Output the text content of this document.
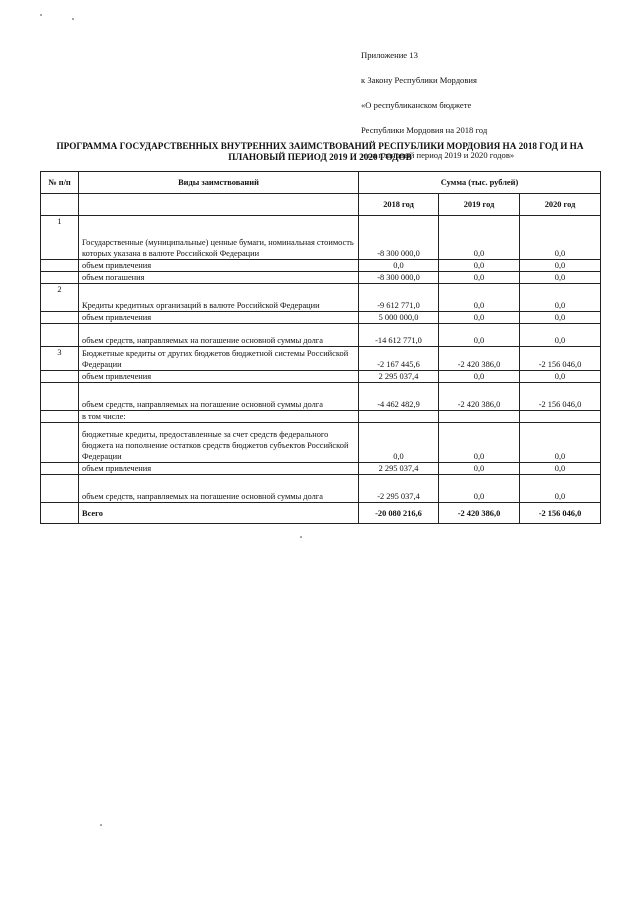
Приложение 13

к Закону Республики Мордовия

«О республиканском бюджете

Республики Мордовия на 2018 год

и на плановый период 2019 и 2020 годов»

ПРОГРАММА ГОСУДАРСТВЕННЫХ ВНУТРЕННИХ ЗАИМСТВОВАНИЙ РЕСПУБЛИКИ МОРДОВИЯ НА 2018 ГОД И НА ПЛАНОВЫЙ ПЕРИОД 2019 И 2020 ГОДОВ
№ п/п	Виды заимствований	Сумма (тыс. рублей)		
		2018 год	2019 год	2020 год
1	Государственные (муниципальные) ценные бумаги, номинальная стоимость которых указана в валюте Российской Федерации	-8 300 000,0	0,0	0,0
	объем привлечения	0,0	0,0	0,0
	объем погашения	-8 300 000,0	0,0	0,0
2	Кредиты кредитных организаций в валюте Российской Федерации	-9 612 771,0	0,0	0,0
	объем привлечения	5 000 000,0	0,0	0,0
	объем средств, направляемых на погашение основной суммы долга	-14 612 771,0	0,0	0,0
3	Бюджетные кредиты от других бюджетов бюджетной системы Российской Федерации	-2 167 445,6	-2 420 386,0	-2 156 046,0
	объем привлечения	2 295 037,4	0,0	0,0
	объем средств, направляемых на погашение основной суммы долга	-4 462 482,9	-2 420 386,0	-2 156 046,0
	в том числе:			
	бюджетные кредиты, предоставленные за счет средств федерального бюджета на пополнение остатков средств бюджетов субъектов Российской Федерации	0,0	0,0	0,0
	объем привлечения	2 295 037,4	0,0	0,0
	объем средств, направляемых на погашение основной суммы долга	-2 295 037,4	0,0	0,0
	Всего	-20 080 216,6	-2 420 386,0	-2 156 046,0
